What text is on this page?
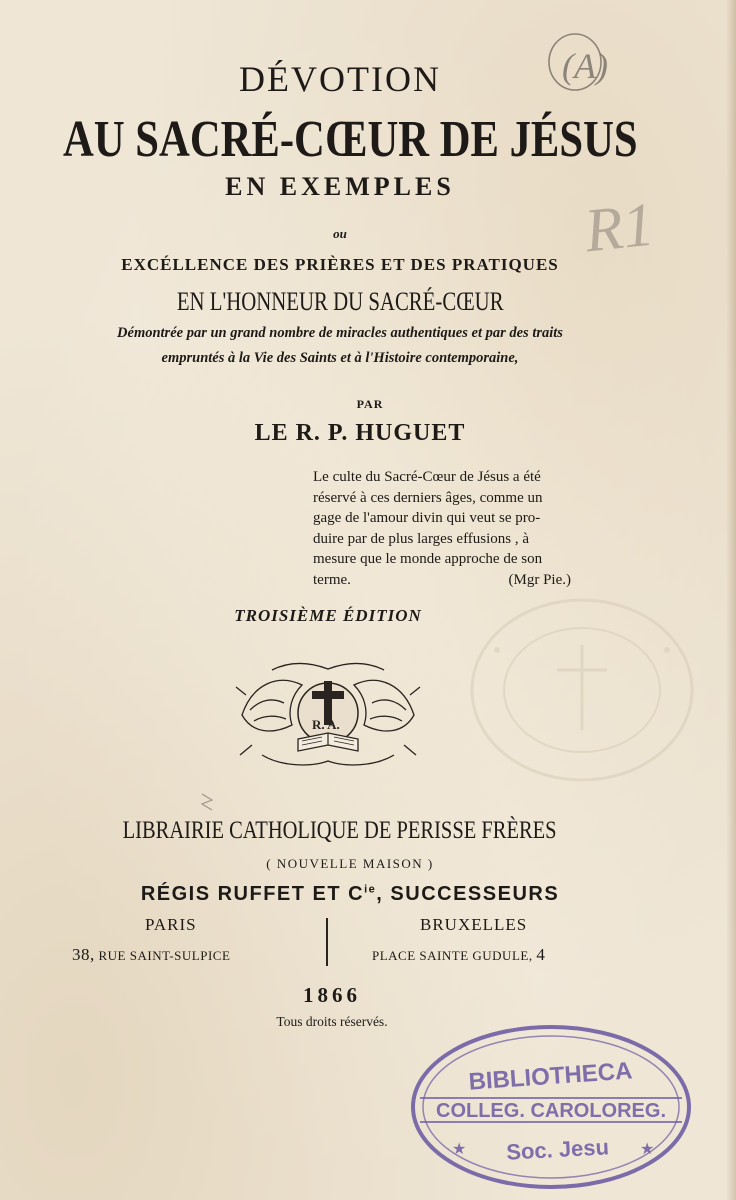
(A)
R1
DÉVOTION
AU SACRÉ-CŒUR DE JÉSUS
EN EXEMPLES
ou
EXCÉLLENCE DES PRIÈRES ET DES PRATIQUES
EN L'HONNEUR DU SACRÉ-CŒUR
Démontrée par un grand nombre de miracles authentiques et par des traits
empruntés à la Vie des Saints et à l'Histoire contemporaine,
PAR
LE R. P. HUGUET
Le culte du Sacré-Cœur de Jésus a été
réservé à ces derniers âges, comme un
gage de l'amour divin qui veut se pro-
duire par de plus larges effusions , à
mesure que le monde approche de son
terme.	(Mgr Pie.)
TROISIÈME ÉDITION
R. A.
LIBRAIRIE CATHOLIQUE DE PERISSE FRÈRES
( NOUVELLE MAISON )
RÉGIS RUFFET ET $C^{ie}$, SUCCESSEURS
PARIS	BRUXELLES
38, RUE SAINT-SULPICE	PLACE SAINTE GUDULE, 4
1866
Tous droits réservés.
BIBLIOTHECA
COLLEG. CAROLOREG.
Soc. Jesu
★	★
